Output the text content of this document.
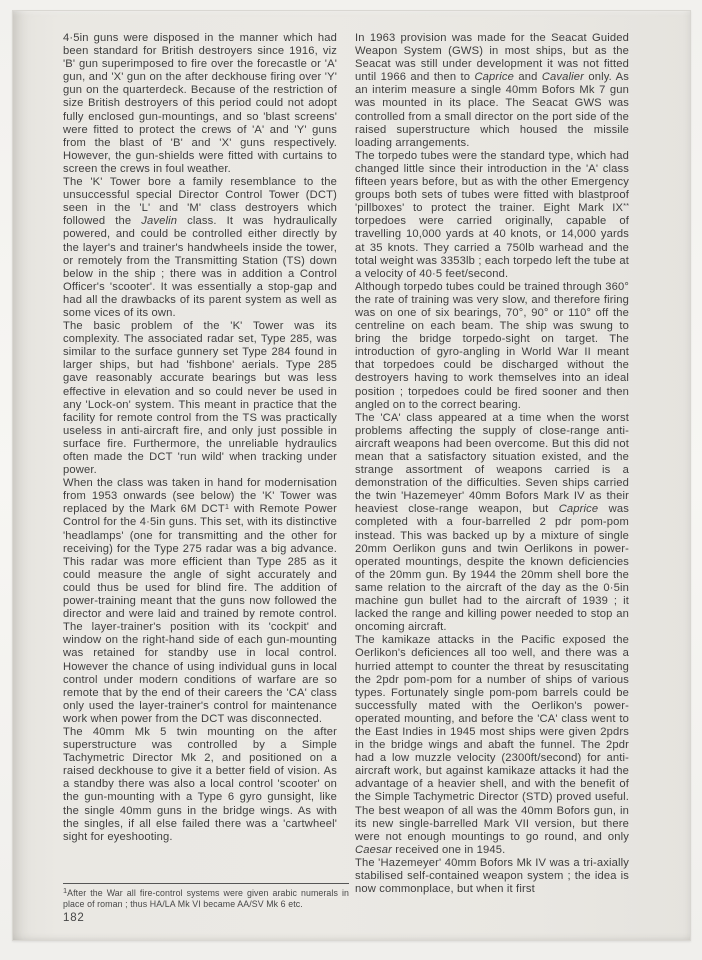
4·5in guns were disposed in the manner which had been standard for British destroyers since 1916, viz 'B' gun superimposed to fire over the forecastle or 'A' gun, and 'X' gun on the after deckhouse firing over 'Y' gun on the quarterdeck. Because of the restriction of size British destroyers of this period could not adopt fully enclosed gun-mountings, and so 'blast screens' were fitted to protect the crews of 'A' and 'Y' guns from the blast of 'B' and 'X' guns respectively. However, the gun-shields were fitted with curtains to screen the crews in foul weather.

The 'K' Tower bore a family resemblance to the unsuccessful special Director Control Tower (DCT) seen in the 'L' and 'M' class destroyers which followed the Javelin class. It was hydraulically powered, and could be controlled either directly by the layer's and trainer's handwheels inside the tower, or remotely from the Transmitting Station (TS) down below in the ship ; there was in addition a Control Officer's 'scooter'. It was essentially a stop-gap and had all the drawbacks of its parent system as well as some vices of its own.

The basic problem of the 'K' Tower was its complexity. The associated radar set, Type 285, was similar to the surface gunnery set Type 284 found in larger ships, but had 'fishbone' aerials. Type 285 gave reasonably accurate bearings but was less effective in elevation and so could never be used in any 'Lock-on' system. This meant in practice that the facility for remote control from the TS was practically useless in anti-aircraft fire, and only just possible in surface fire. Furthermore, the unreliable hydraulics often made the DCT 'run wild' when tracking under power.

When the class was taken in hand for modernisation from 1953 onwards (see below) the 'K' Tower was replaced by the Mark 6M DCT$^1$ with Remote Power Control for the 4·5in guns. This set, with its distinctive 'headlamps' (one for transmitting and the other for receiving) for the Type 275 radar was a big advance. This radar was more efficient than Type 285 as it could measure the angle of sight accurately and could thus be used for blind fire. The addition of power-training meant that the guns now followed the director and were laid and trained by remote control. The layer-trainer's position with its 'cockpit' and window on the right-hand side of each gun-mounting was retained for standby use in local control. However the chance of using individual guns in local control under modern conditions of warfare are so remote that by the end of their careers the 'CA' class only used the layer-trainer's control for maintenance work when power from the DCT was disconnected.

The 40mm Mk 5 twin mounting on the after superstructure was controlled by a Simple Tachymetric Director Mk 2, and positioned on a raised deckhouse to give it a better field of vision. As a standby there was also a local control 'scooter' on the gun-mounting with a Type 6 gyro gunsight, like the single 40mm guns in the bridge wings. As with the singles, if all else failed there was a 'cartwheel' sight for eyeshooting.

In 1963 provision was made for the Seacat Guided Weapon System (GWS) in most ships, but as the Seacat was still under development it was not fitted until 1966 and then to Caprice and Cavalier only. As an interim measure a single 40mm Bofors Mk 7 gun was mounted in its place. The Seacat GWS was controlled from a small director on the port side of the raised superstructure which housed the missile loading arrangements.

The torpedo tubes were the standard type, which had changed little since their introduction in the 'A' class fifteen years before, but as with the other Emergency groups both sets of tubes were fitted with blastproof 'pillboxes' to protect the trainer. Eight Mark IX** torpedoes were carried originally, capable of travelling 10,000 yards at 40 knots, or 14,000 yards at 35 knots. They carried a 750lb warhead and the total weight was 3353lb ; each torpedo left the tube at a velocity of 40·5 feet/second.

Although torpedo tubes could be trained through 360° the rate of training was very slow, and therefore firing was on one of six bearings, 70°, 90° or 110° off the centreline on each beam. The ship was swung to bring the bridge torpedo-sight on target. The introduction of gyro-angling in World War II meant that torpedoes could be discharged without the destroyers having to work themselves into an ideal position ; torpedoes could be fired sooner and then angled on to the correct bearing.

The 'CA' class appeared at a time when the worst problems affecting the supply of close-range anti-aircraft weapons had been overcome. But this did not mean that a satisfactory situation existed, and the strange assortment of weapons carried is a demonstration of the difficulties. Seven ships carried the twin 'Hazemeyer' 40mm Bofors Mark IV as their heaviest close-range weapon, but Caprice was completed with a four-barrelled 2 pdr pom-pom instead. This was backed up by a mixture of single 20mm Oerlikon guns and twin Oerlikons in power-operated mountings, despite the known deficiencies of the 20mm gun. By 1944 the 20mm shell bore the same relation to the aircraft of the day as the 0·5in machine gun bullet had to the aircraft of 1939 ; it lacked the range and killing power needed to stop an oncoming aircraft.

The kamikaze attacks in the Pacific exposed the Oerlikon's deficiences all too well, and there was a hurried attempt to counter the threat by resuscitating the 2pdr pom-pom for a number of ships of various types. Fortunately single pom-pom barrels could be successfully mated with the Oerlikon's power-operated mounting, and before the 'CA' class went to the East Indies in 1945 most ships were given 2pdrs in the bridge wings and abaft the funnel. The 2pdr had a low muzzle velocity (2300ft/second) for anti-aircraft work, but against kamikaze attacks it had the advantage of a heavier shell, and with the benefit of the Simple Tachymetric Director (STD) proved useful. The best weapon of all was the 40mm Bofors gun, in its new single-barrelled Mark VII version, but there were not enough mountings to go round, and only Caesar received one in 1945.

The 'Hazemeyer' 40mm Bofors Mk IV was a tri-axially stabilised self-contained weapon system ; the idea is now commonplace, but when it first

$^1$After the War all fire-control systems were given arabic numerals in place of roman ; thus HA/LA Mk VI became AA/SV Mk 6 etc.

182
